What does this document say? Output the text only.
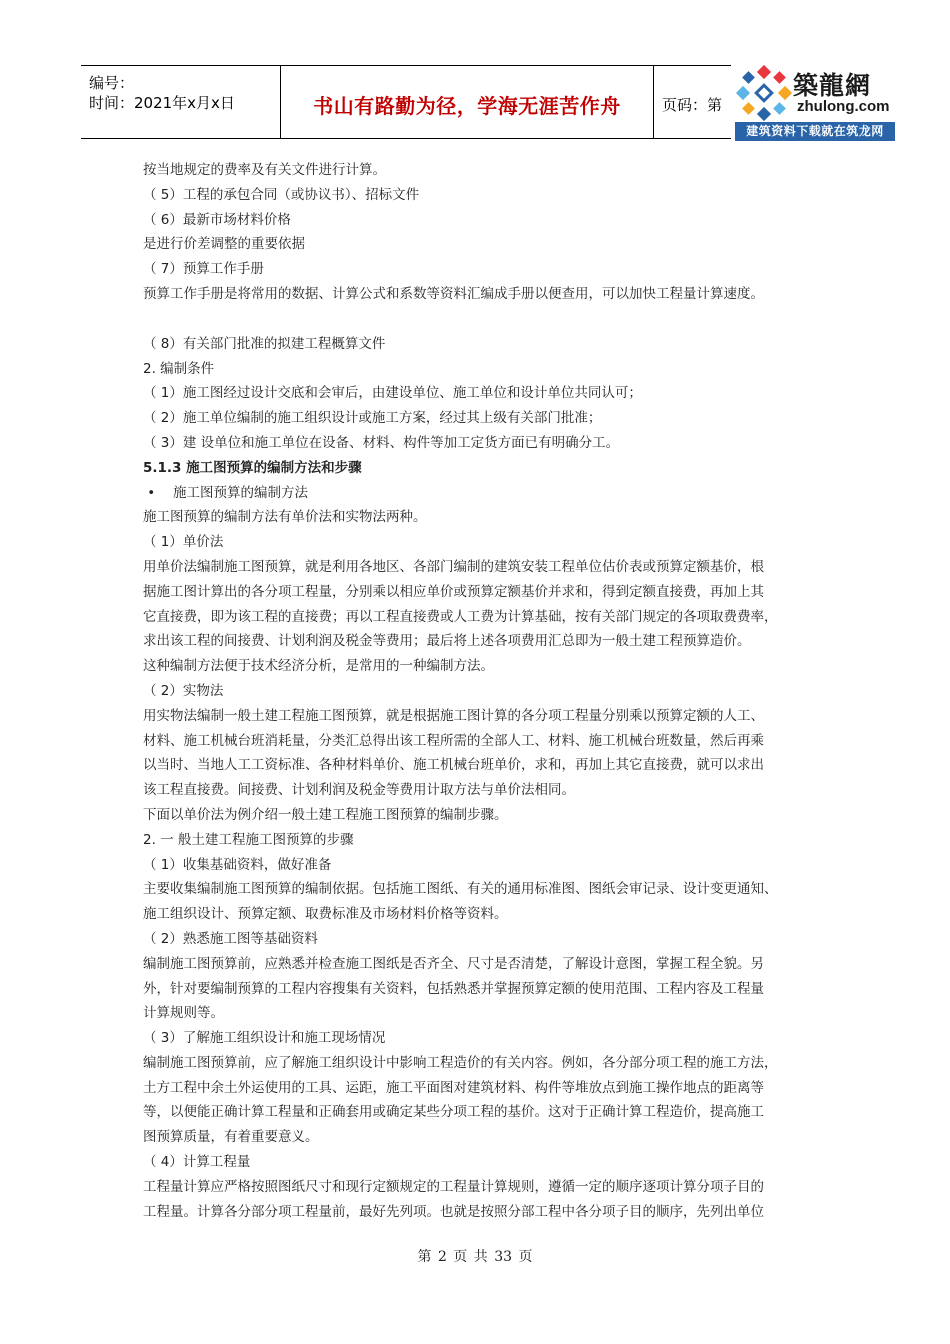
编号：
时间：2021年x月x日	书山有路勤为径，学海无涯苦作舟	页码：第
築龍網
zhulong.com
建筑资料下载就在筑龙网
按当地规定的费率及有关文件进行计算。
（ 5）工程的承包合同（或协议书）、招标文件
（ 6）最新市场材料价格
是进行价差调整的重要依据
（ 7）预算工作手册
预算工作手册是将常用的数据、计算公式和系数等资料汇编成手册以便查用，可以加快工程量计算速度。
（ 8）有关部门批准的拟建工程概算文件
2. 编制条件
（ 1）施工图经过设计交底和会审后，由建设单位、施工单位和设计单位共同认可；
（ 2）施工单位编制的施工组织设计或施工方案，经过其上级有关部门批准；
（ 3）建 设单位和施工单位在设备、材料、构件等加工定货方面已有明确分工。
5.1.3 施工图预算的编制方法和步骤
• 施工图预算的编制方法
施工图预算的编制方法有单价法和实物法两种。
（ 1）单价法
用单价法编制施工图预算，就是利用各地区、各部门编制的建筑安装工程单位估价表或预算定额基价，根
据施工图计算出的各分项工程量，分别乘以相应单价或预算定额基价并求和，得到定额直接费，再加上其
它直接费，即为该工程的直接费；再以工程直接费或人工费为计算基础，按有关部门规定的各项取费费率，
求出该工程的间接费、计划利润及税金等费用；最后将上述各项费用汇总即为一般土建工程预算造价。
这种编制方法便于技术经济分析，是常用的一种编制方法。
（ 2）实物法
用实物法编制一般土建工程施工图预算，就是根据施工图计算的各分项工程量分别乘以预算定额的人工、
材料、施工机械台班消耗量，分类汇总得出该工程所需的全部人工、材料、施工机械台班数量，然后再乘
以当时、当地人工工资标准、各种材料单价、施工机械台班单价，求和，再加上其它直接费，就可以求出
该工程直接费。间接费、计划利润及税金等费用计取方法与单价法相同。
下面以单价法为例介绍一般土建工程施工图预算的编制步骤。
2. 一 般土建工程施工图预算的步骤
（ 1）收集基础资料，做好准备
主要收集编制施工图预算的编制依据。包括施工图纸、有关的通用标准图、图纸会审记录、设计变更通知、
施工组织设计、预算定额、取费标准及市场材料价格等资料。
（ 2）熟悉施工图等基础资料
编制施工图预算前，应熟悉并检查施工图纸是否齐全、尺寸是否清楚，了解设计意图，掌握工程全貌。另
外，针对要编制预算的工程内容搜集有关资料，包括熟悉并掌握预算定额的使用范围、工程内容及工程量
计算规则等。
（ 3）了解施工组织设计和施工现场情况
编制施工图预算前，应了解施工组织设计中影响工程造价的有关内容。例如，各分部分项工程的施工方法，
土方工程中余土外运使用的工具、运距，施工平面图对建筑材料、构件等堆放点到施工操作地点的距离等
等，以便能正确计算工程量和正确套用或确定某些分项工程的基价。这对于正确计算工程造价，提高施工
图预算质量，有着重要意义。
（ 4）计算工程量
工程量计算应严格按照图纸尺寸和现行定额规定的工程量计算规则，遵循一定的顺序逐项计算分项子目的
工程量。计算各分部分项工程量前，最好先列项。也就是按照分部工程中各分项子目的顺序，先列出单位
第 2 页 共 33 页
